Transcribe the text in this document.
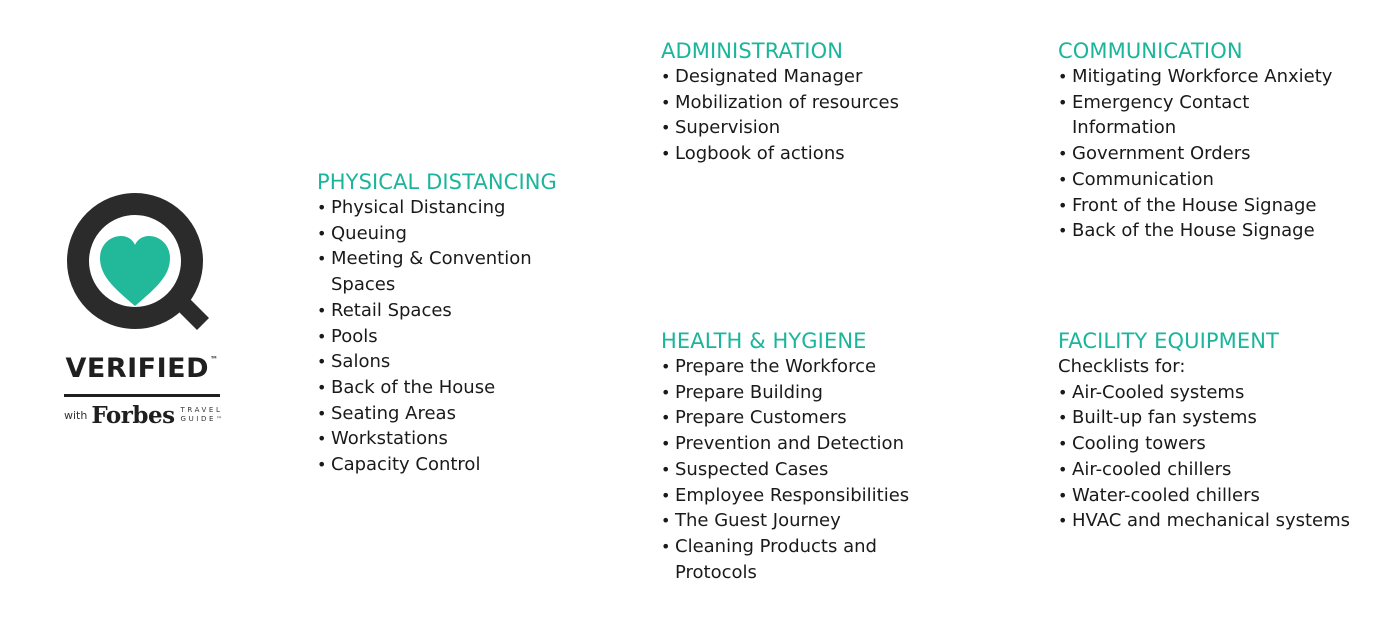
VERIFIED™
with Forbes TRAVEL
GUIDE™
PHYSICAL DISTANCING
• Physical Distancing
• Queuing
• Meeting & Convention Spaces
• Retail Spaces
• Pools
• Salons
• Back of the House
• Seating Areas
• Workstations
• Capacity Control
ADMINISTRATION
• Designated Manager
• Mobilization of resources
• Supervision
• Logbook of actions
HEALTH & HYGIENE
• Prepare the Workforce
• Prepare Building
• Prepare Customers
• Prevention and Detection
• Suspected Cases
• Employee Responsibilities
• The Guest Journey
• Cleaning Products and Protocols
COMMUNICATION
• Mitigating Workforce Anxiety
• Emergency Contact Information
• Government Orders
• Communication
• Front of the House Signage
• Back of the House Signage
FACILITY EQUIPMENT
Checklists for:
• Air-Cooled systems
• Built-up fan systems
• Cooling towers
• Air-cooled chillers
• Water-cooled chillers
• HVAC and mechanical systems
